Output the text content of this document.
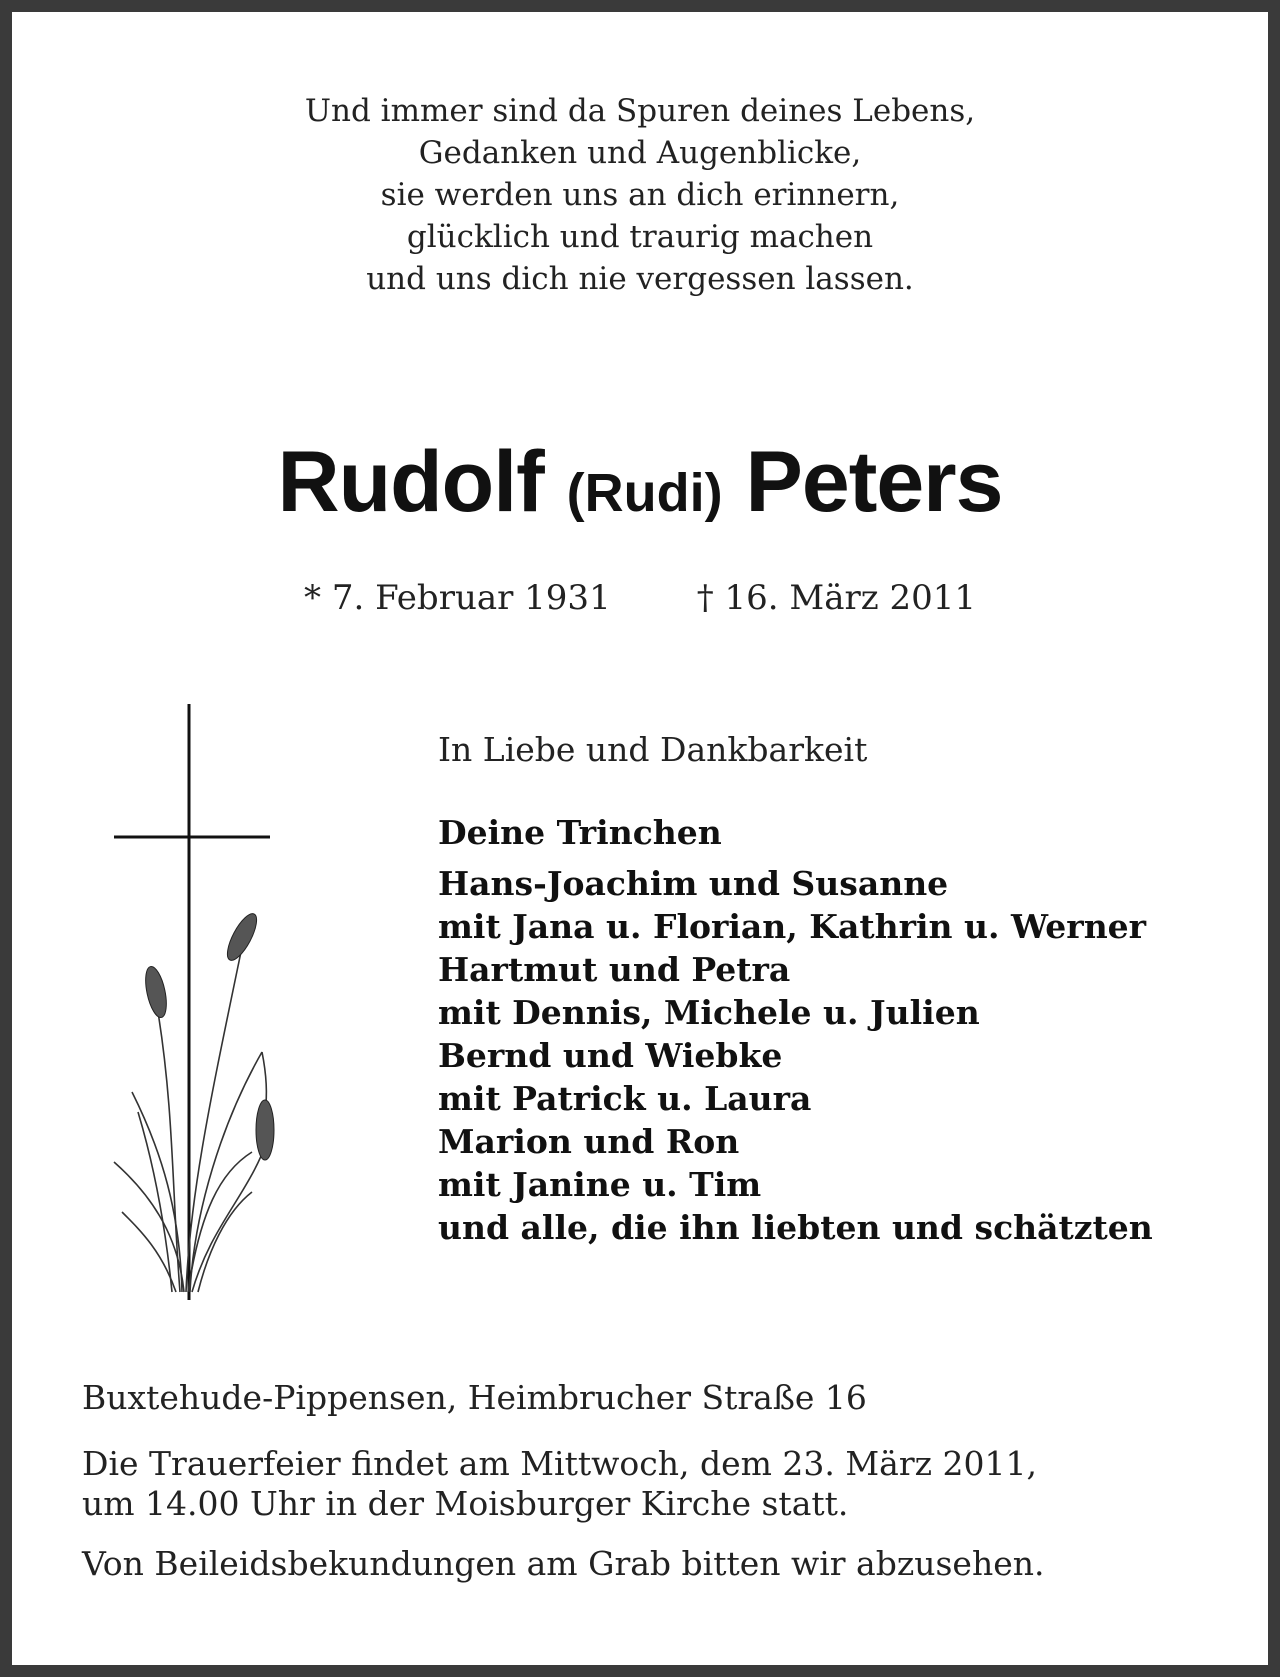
Und immer sind da Spuren deines Lebens,
Gedanken und Augenblicke,
sie werden uns an dich erinnern,
glücklich und traurig machen
und uns dich nie vergessen lassen.
Rudolf (Rudi) Peters
* 7. Februar 1931	† 16. März 2011
In Liebe und Dankbarkeit
Deine Trinchen
Hans-Joachim und Susanne
mit Jana u. Florian, Kathrin u. Werner
Hartmut und Petra
mit Dennis, Michele u. Julien
Bernd und Wiebke
mit Patrick u. Laura
Marion und Ron
mit Janine u. Tim
und alle, die ihn liebten und schätzten
Buxtehude-Pippensen, Heimbrucher Straße 16
Die Trauerfeier findet am Mittwoch, dem 23. März 2011,
um 14.00 Uhr in der Moisburger Kirche statt.
Von Beileidsbekundungen am Grab bitten wir abzusehen.
